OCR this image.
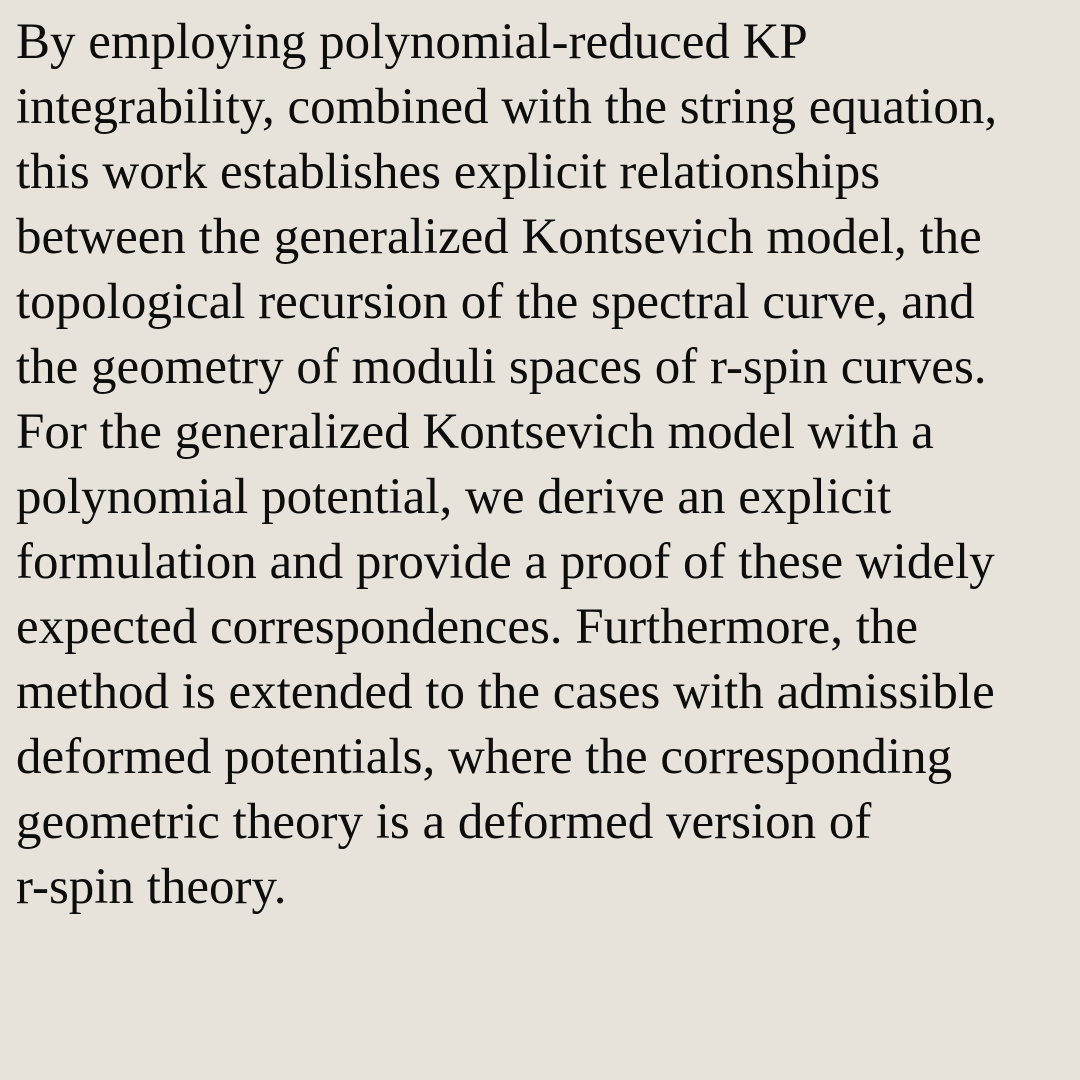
By employing polynomial-reduced KP
integrability, combined with the string equation,
this work establishes explicit relationships
between the generalized Kontsevich model, the
topological recursion of the spectral curve, and
the geometry of moduli spaces of r-spin curves.
For the generalized Kontsevich model with a
polynomial potential, we derive an explicit
formulation and provide a proof of these widely
expected correspondences. Furthermore, the
method is extended to the cases with admissible
deformed potentials, where the corresponding
geometric theory is a deformed version of
r-spin theory.
